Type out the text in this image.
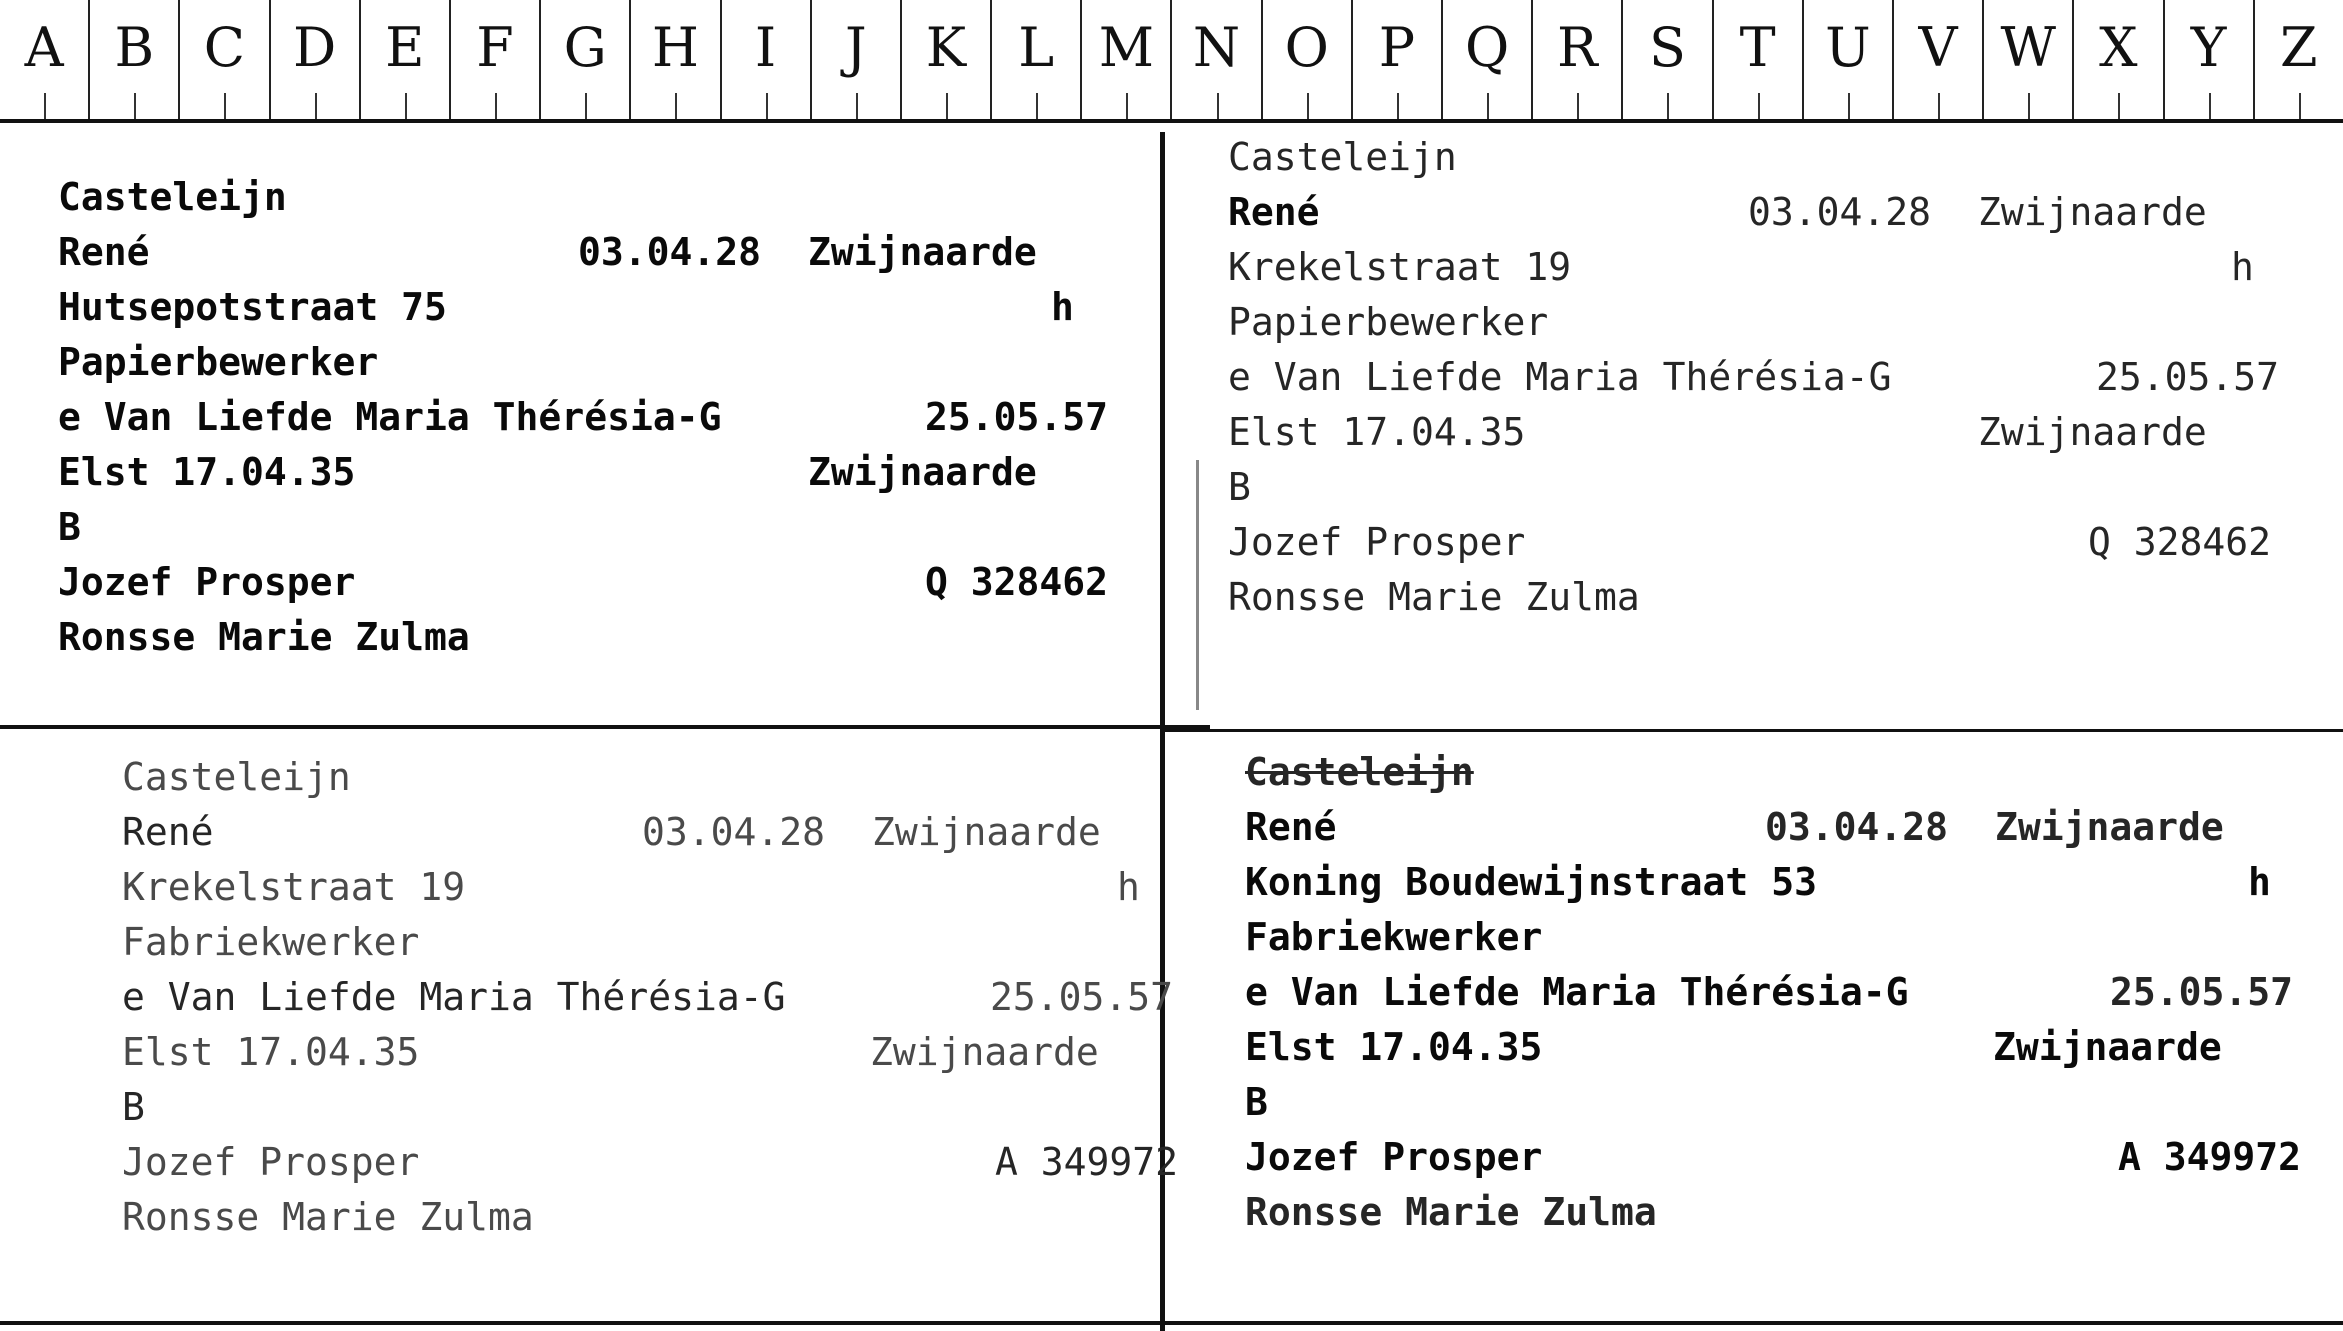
A B C D E F G H	I	J	K L M N O P Q R S T U V W X Y Z
Casteleijn
René	03.04.28 Zwijnaarde
Hutsepotstraat 75	h
Papierbewerker
e Van Liefde Maria Thérésia-G	25.05.57
Elst 17.04.35	Zwijnaarde
B
Jozef Prosper	Q 328462
Ronsse Marie Zulma
Casteleijn
René	03.04.28 Zwijnaarde
Krekelstraat 19	h
Papierbewerker
e Van Liefde Maria Thérésia-G	25.05.57
Elst 17.04.35	Zwijnaarde
B
Jozef Prosper	Q 328462
Ronsse Marie Zulma
Casteleijn
René	03.04.28 Zwijnaarde
Krekelstraat 19	h
Fabriekwerker
e Van Liefde Maria Thérésia-G	25.05.57
Elst 17.04.35	Zwijnaarde
B
Jozef Prosper	A 349972
Ronsse Marie Zulma
Casteleijn
René	03.04.28 Zwijnaarde
Koning Boudewijnstraat 53	h
Fabriekwerker
e Van Liefde Maria Thérésia-G	25.05.57
Elst 17.04.35	Zwijnaarde
B
Jozef Prosper	A 349972
Ronsse Marie Zulma
